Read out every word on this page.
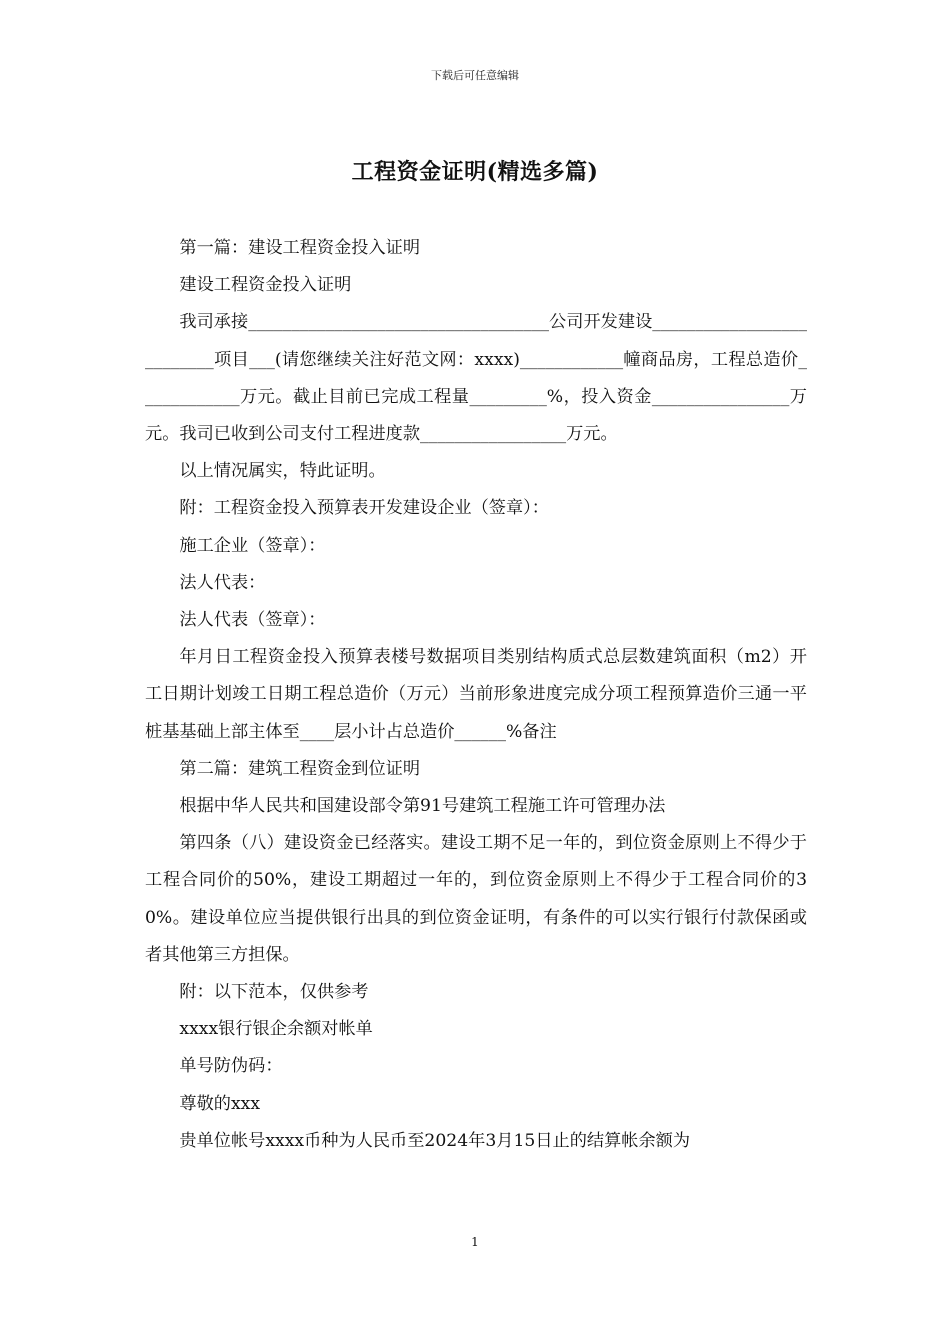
下载后可任意编辑
工程资金证明(精选多篇)

第一篇：建设工程资金投入证明

建设工程资金投入证明

我司承接___________________________________公司开发建设__________________________项目___(请您继续关注好范文网：xxxx)____________幢商品房，工程总造价____________万元。截止目前已完成工程量_________%，投入资金________________万元。我司已收到公司支付工程进度款_________________万元。

以上情况属实，特此证明。

附：工程资金投入预算表开发建设企业（签章）：

施工企业（签章）：

法人代表：

法人代表（签章）：

年月日工程资金投入预算表楼号数据项目类别结构质式总层数建筑面积（m2）开工日期计划竣工日期工程总造价（万元）当前形象进度完成分项工程预算造价三通一平桩基基础上部主体至____层小计占总造价______%备注

第二篇：建筑工程资金到位证明

根据中华人民共和国建设部令第91号建筑工程施工许可管理办法

第四条（八）建设资金已经落实。建设工期不足一年的，到位资金原则上不得少于工程合同价的50%，建设工期超过一年的，到位资金原则上不得少于工程合同价的30%。建设单位应当提供银行出具的到位资金证明，有条件的可以实行银行付款保函或者其他第三方担保。

附：以下范本，仅供参考

xxxx银行银企余额对帐单

单号防伪码：

尊敬的xxx

贵单位帐号xxxx币种为人民币至2024年3月15日止的结算帐余额为

1
